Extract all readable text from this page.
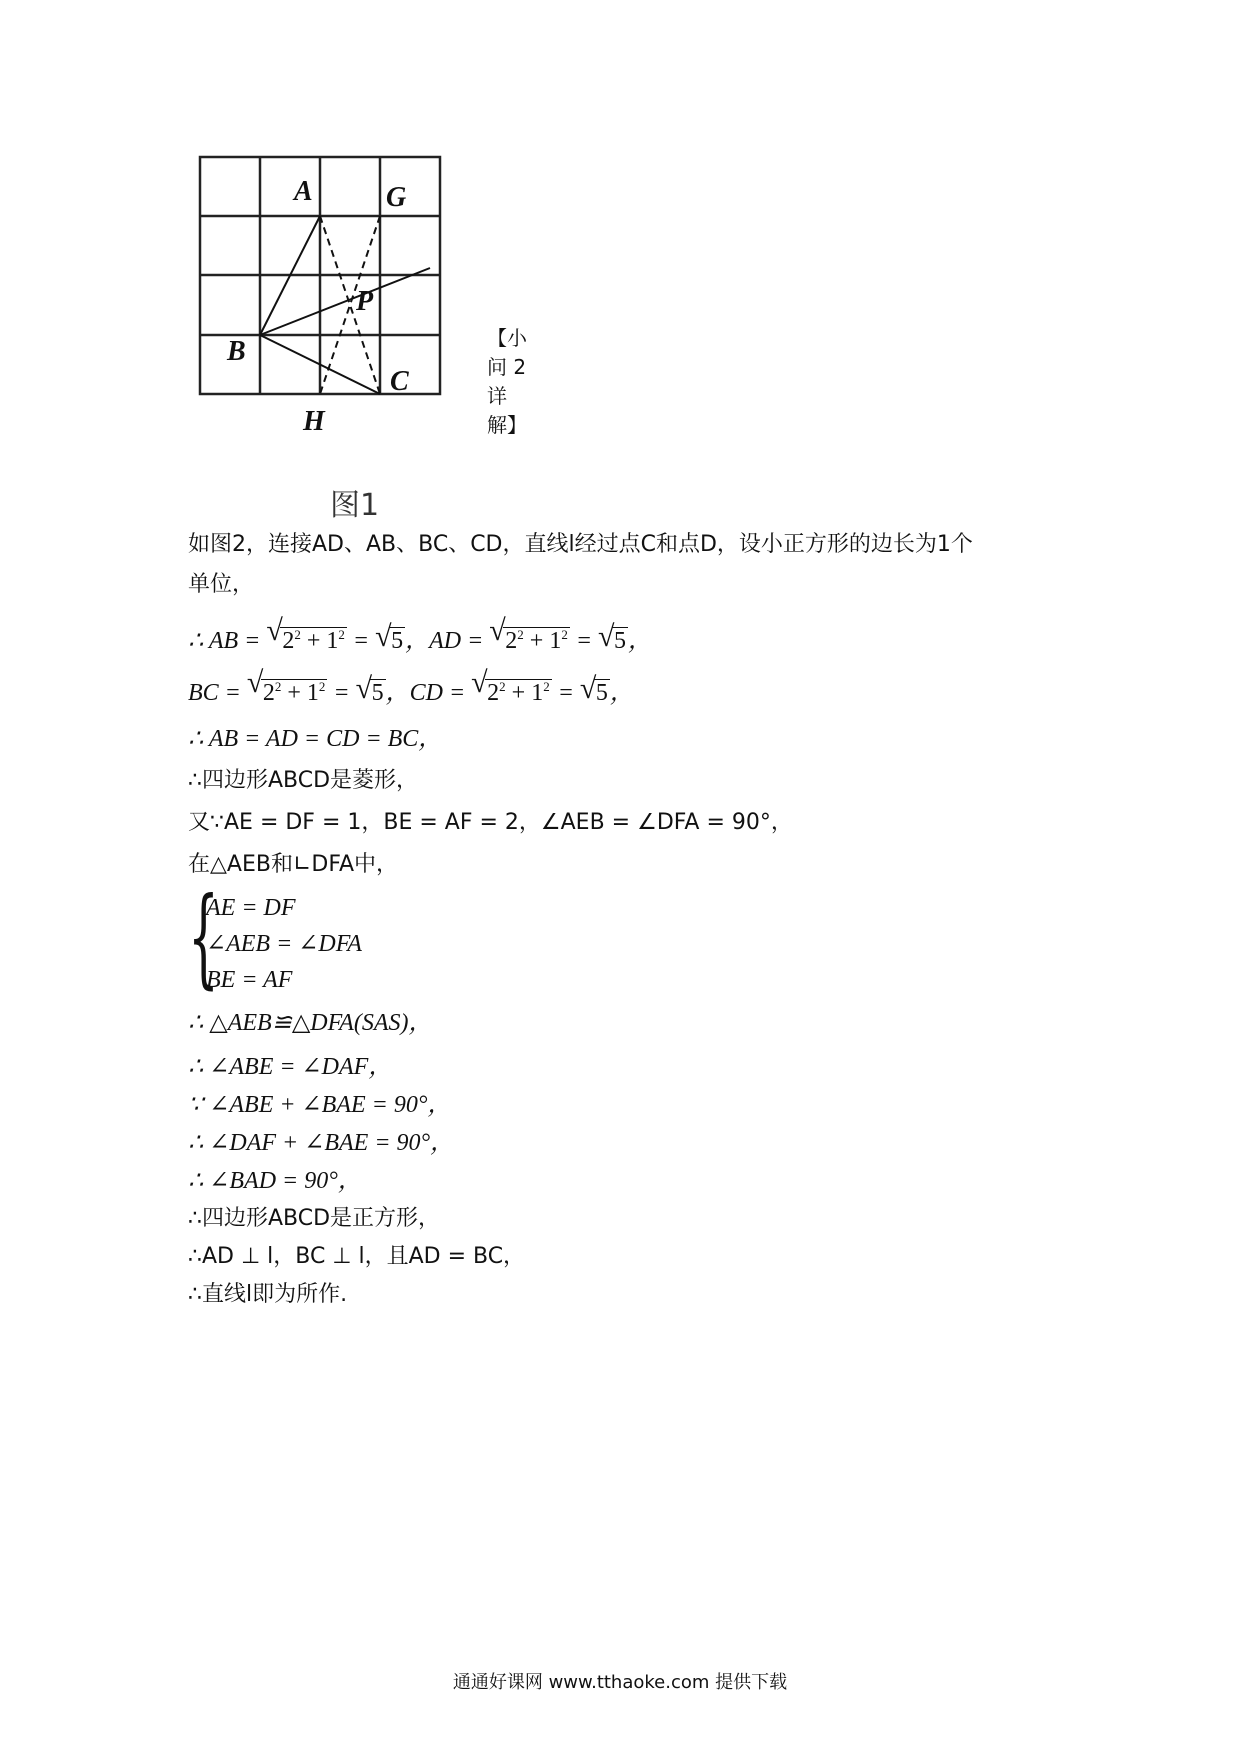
A	G
P
B
C
H
图1
【小问 2 详解】

如图2，连接AD、AB、BC、CD，直线l经过点C和点D，设小正方形的边长为1个

单位，

∴ AB = √ $2^2 + 1^2$ = √ 5，AD = √ $2^2 + 1^2$ = √ 5，

BC = √ $2^2 + 1^2$ = √ 5，CD = √ $2^2 + 1^2$ = √ 5，

∴ AB = AD = CD = BC，

∴四边形ABCD是菱形，

又∵AE = DF = 1，BE = AF = 2，∠AEB = ∠DFA = 90°，

在△AEB和∟DFA中，

{
AE = DF
∠AEB = ∠DFA
BE = AF

∴ △AEB≌△DFA(SAS)，

∴ ∠ABE = ∠DAF，

∵ ∠ABE + ∠BAE = 90°，

∴ ∠DAF + ∠BAE = 90°，

∴ ∠BAD = 90°，

∴四边形ABCD是正方形，

∴AD ⊥ l，BC ⊥ l，且AD = BC，

∴直线l即为所作.

通通好课网 www.tthaoke.com 提供下载
